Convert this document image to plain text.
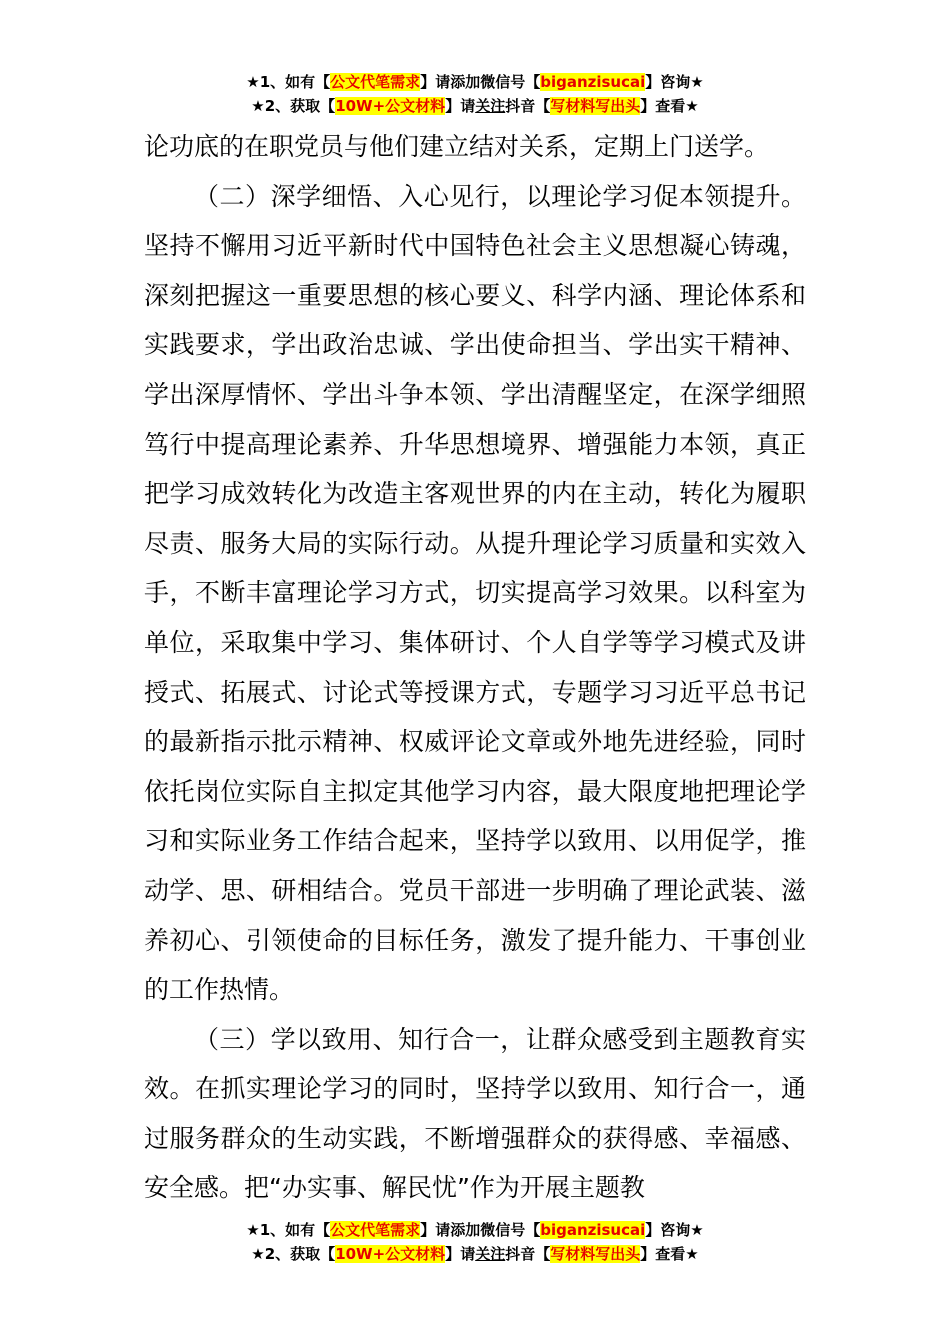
★1、如有【公文代笔需求】请添加微信号【biganzisucai】咨询★
★2、获取【10W+公文材料】请关注抖音【写材料写出头】查看★

论功底的在职党员与他们建立结对关系，定期上门送学。

（二）深学细悟、入心见行，以理论学习促本领提升。坚持不懈用习近平新时代中国特色社会主义思想凝心铸魂，深刻把握这一重要思想的核心要义、科学内涵、理论体系和实践要求，学出政治忠诚、学出使命担当、学出实干精神、学出深厚情怀、学出斗争本领、学出清醒坚定，在深学细照笃行中提高理论素养、升华思想境界、增强能力本领，真正把学习成效转化为改造主客观世界的内在主动，转化为履职尽责、服务大局的实际行动。从提升理论学习质量和实效入手，不断丰富理论学习方式，切实提高学习效果。以科室为单位，采取集中学习、集体研讨、个人自学等学习模式及讲授式、拓展式、讨论式等授课方式，专题学习习近平总书记的最新指示批示精神、权威评论文章或外地先进经验，同时依托岗位实际自主拟定其他学习内容，最大限度地把理论学习和实际业务工作结合起来，坚持学以致用、以用促学，推动学、思、研相结合。党员干部进一步明确了理论武装、滋养初心、引领使命的目标任务，激发了提升能力、干事创业的工作热情。

（三）学以致用、知行合一，让群众感受到主题教育实效。在抓实理论学习的同时，坚持学以致用、知行合一，通过服务群众的生动实践，不断增强群众的获得感、幸福感、安全感。把“办实事、解民忧”作为开展主题教

★1、如有【公文代笔需求】请添加微信号【biganzisucai】咨询★
★2、获取【10W+公文材料】请关注抖音【写材料写出头】查看★
